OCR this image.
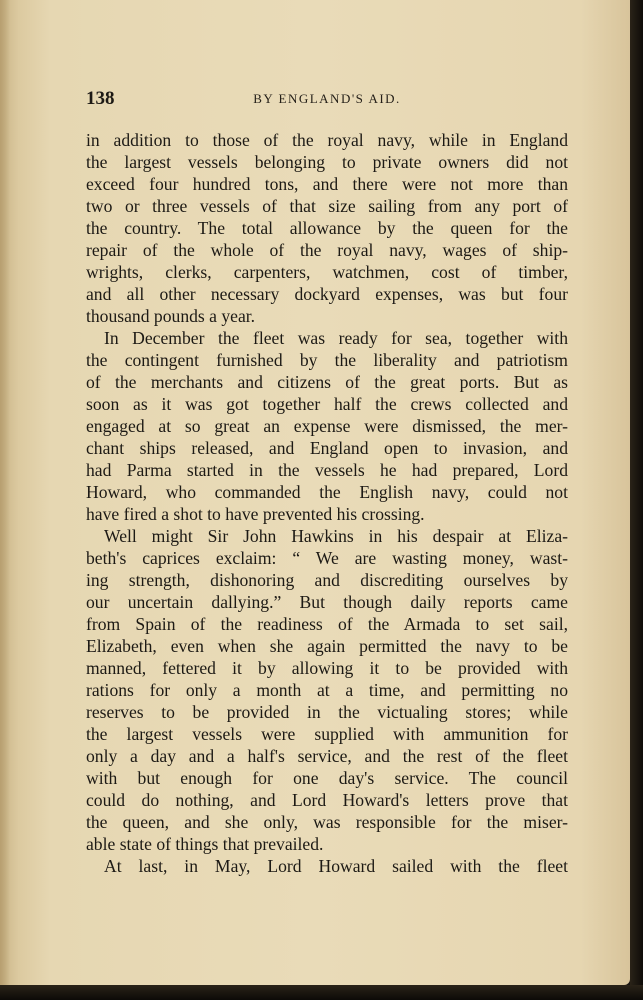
138	BY ENGLAND'S AID.
in addition to those of the royal navy, while in England
the largest vessels belonging to private owners did not
exceed four hundred tons, and there were not more than
two or three vessels of that size sailing from any port of
the country. The total allowance by the queen for the
repair of the whole of the royal navy, wages of ship-
wrights, clerks, carpenters, watchmen, cost of timber,
and all other necessary dockyard expenses, was but four
thousand pounds a year.
In December the fleet was ready for sea, together with
the contingent furnished by the liberality and patriotism
of the merchants and citizens of the great ports. But as
soon as it was got together half the crews collected and
engaged at so great an expense were dismissed, the mer-
chant ships released, and England open to invasion, and
had Parma started in the vessels he had prepared, Lord
Howard, who commanded the English navy, could not
have fired a shot to have prevented his crossing.
Well might Sir John Hawkins in his despair at Eliza-
beth's caprices exclaim: “ We are wasting money, wast-
ing strength, dishonoring and discrediting ourselves by
our uncertain dallying.” But though daily reports came
from Spain of the readiness of the Armada to set sail,
Elizabeth, even when she again permitted the navy to be
manned, fettered it by allowing it to be provided with
rations for only a month at a time, and permitting no
reserves to be provided in the victualing stores; while
the largest vessels were supplied with ammunition for
only a day and a half's service, and the rest of the fleet
with but enough for one day's service. The council
could do nothing, and Lord Howard's letters prove that
the queen, and she only, was responsible for the miser-
able state of things that prevailed.
At last, in May, Lord Howard sailed with the fleet
